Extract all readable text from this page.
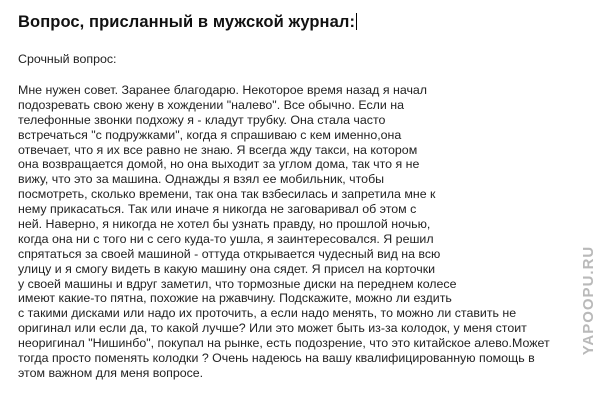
Вопрос, присланный в мужской журнал:
Срочный вопрос:
Мне нужен совет. Заранее благодарю. Некоторое время назад я начал
подозревать свою жену в хождении "налево". Все обычно. Если на
телефонные звонки подхожу я - кладут трубку. Она стала часто
встречаться "с подружками", когда я спрашиваю с кем именно,она
отвечает, что я их все равно не знаю. Я всегда жду такси, на котором
она возвращается домой, но она выходит за углом дома, так что я не
вижу, что это за машина. Однажды я взял ее мобильник, чтобы
посмотреть, сколько времени, так она так взбесилась и запретила мне к
нему прикасаться. Так или иначе я никогда не заговаривал об этом с
ней. Наверно, я никогда не хотел бы узнать правду, но прошлой ночью,
когда она ни с того ни с сего куда-то ушла, я заинтересовался. Я решил
спрятаться за своей машиной - оттуда открывается чудесный вид на всю
улицу и я смогу видеть в какую машину она сядет. Я присел на корточки
у своей машины и вдруг заметил, что тормозные диски на переднем колесе
имеют какие-то пятна, похожие на ржавчину. Подскажите, можно ли ездить
с такими дисками или надо их проточить, а если надо менять, то можно ли ставить не
оригинал или если да, то какой лучше? Или это может быть из-за колодок, у меня стоит
неоригинал "Нишинбо", покупал на рынке, есть подозрение, что это китайское алево.Может
тогда просто поменять колодки ? Очень надеюсь на вашу квалифицированную помощь в
этом важном для меня вопросе.
YAPOOPU.RU
